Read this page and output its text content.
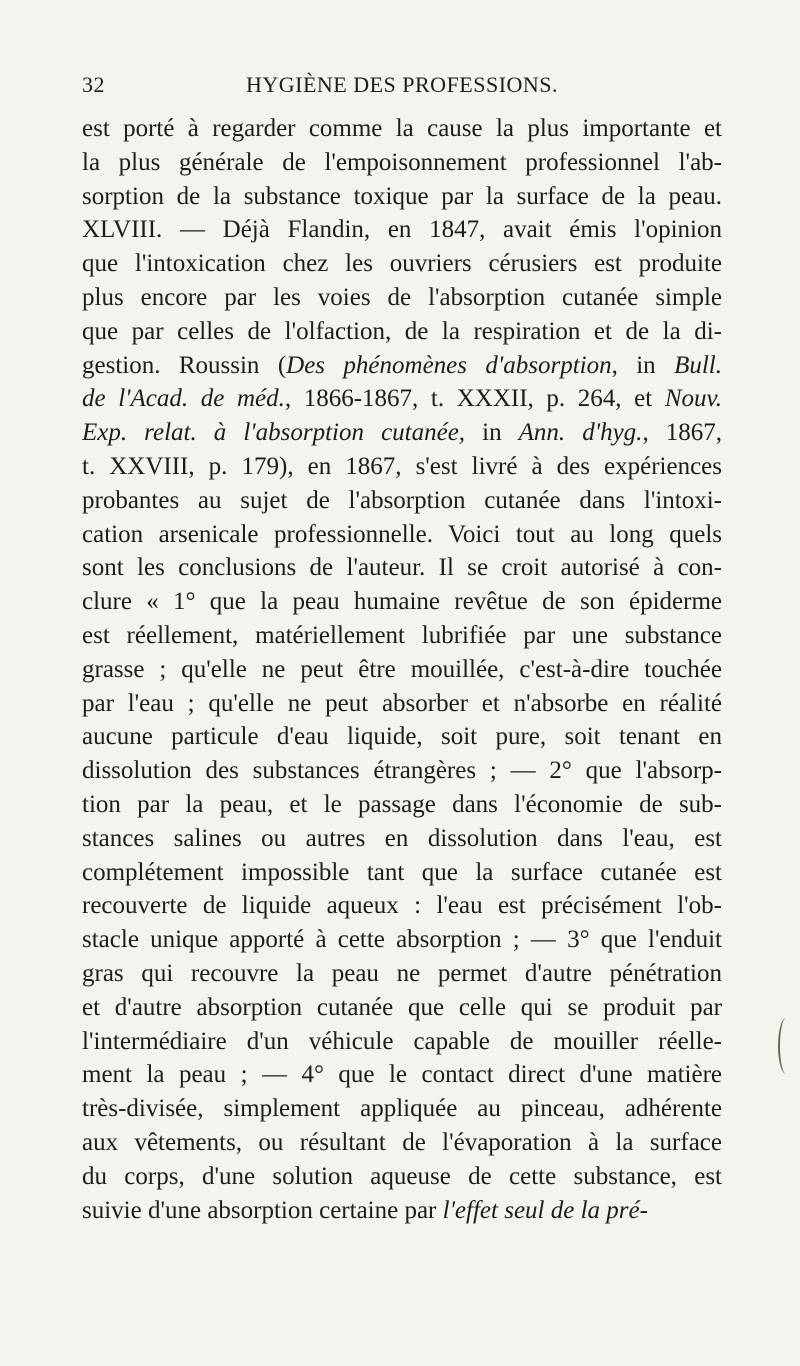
32	HYGIÈNE DES PROFESSIONS.
est porté à regarder comme la cause la plus importante et
la plus générale de l'empoisonnement professionnel l'ab-
sorption de la substance toxique par la surface de la peau.
XLVIII. — Déjà Flandin, en 1847, avait émis l'opinion
que l'intoxication chez les ouvriers cérusiers est produite
plus encore par les voies de l'absorption cutanée simple
que par celles de l'olfaction, de la respiration et de la di-
gestion. Roussin (Des phénomènes d'absorption, in Bull.
de l'Acad. de méd., 1866-1867, t. XXXII, p. 264, et Nouv.
Exp. relat. à l'absorption cutanée, in Ann. d'hyg., 1867,
t. XXVIII, p. 179), en 1867, s'est livré à des expériences
probantes au sujet de l'absorption cutanée dans l'intoxi-
cation arsenicale professionnelle. Voici tout au long quels
sont les conclusions de l'auteur. Il se croit autorisé à con-
clure « 1° que la peau humaine revêtue de son épiderme
est réellement, matériellement lubrifiée par une substance
grasse ; qu'elle ne peut être mouillée, c'est-à-dire touchée
par l'eau ; qu'elle ne peut absorber et n'absorbe en réalité
aucune particule d'eau liquide, soit pure, soit tenant en
dissolution des substances étrangères ; — 2° que l'absorp-
tion par la peau, et le passage dans l'économie de sub-
stances salines ou autres en dissolution dans l'eau, est
complétement impossible tant que la surface cutanée est
recouverte de liquide aqueux : l'eau est précisément l'ob-
stacle unique apporté à cette absorption ; — 3° que l'enduit
gras qui recouvre la peau ne permet d'autre pénétration
et d'autre absorption cutanée que celle qui se produit par
l'intermédiaire d'un véhicule capable de mouiller réelle-
ment la peau ; — 4° que le contact direct d'une matière
très-divisée, simplement appliquée au pinceau, adhérente
aux vêtements, ou résultant de l'évaporation à la surface
du corps, d'une solution aqueuse de cette substance, est
suivie d'une absorption certaine par l'effet seul de la pré-
